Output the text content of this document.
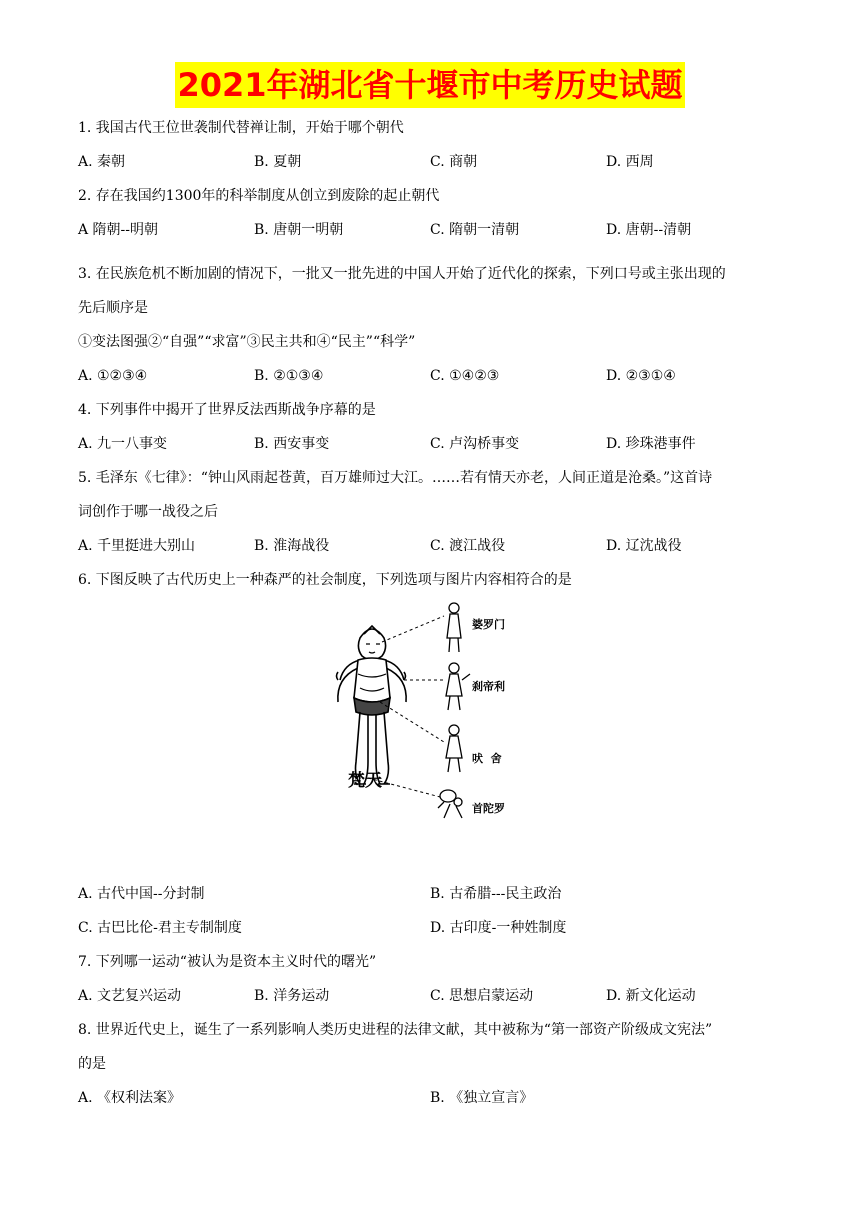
2021年湖北省十堰市中考历史试题
1. 我国古代王位世袭制代替禅让制，开始于哪个朝代
A. 秦朝	B. 夏朝	C. 商朝	D. 西周
2. 存在我国约1300年的科举制度从创立到废除的起止朝代
A 隋朝--明朝	B. 唐朝一明朝	C. 隋朝一清朝	D. 唐朝--清朝
3. 在民族危机不断加剧的情况下，一批又一批先进的中国人开始了近代化的探索，下列口号或主张出现的
先后顺序是
①变法图强②“自强”“求富”③民主共和④“民主”“科学”
A. ①②③④	B. ②①③④	C. ①④②③	D. ②③①④
4. 下列事件中揭开了世界反法西斯战争序幕的是
A. 九一八事变	B. 西安事变	C. 卢沟桥事变	D. 珍珠港事件
5. 毛泽东《七律》：“钟山风雨起苍黄，百万雄师过大江。……若有情天亦老，人间正道是沧桑。”这首诗
词创作于哪一战役之后
A. 千里挺进大别山	B. 淮海战役	C. 渡江战役	D. 辽沈战役
6. 下图反映了古代历史上一种森严的社会制度，下列选项与图片内容相符合的是
梵天
婆罗门
刹帝利
吠  舍
首陀罗
A. 古代中国--分封制	B. 古希腊---民主政治
C. 古巴比伦-君主专制制度	D. 古印度-一种姓制度
7. 下列哪一运动“被认为是资本主义时代的曙光”
A. 文艺复兴运动	B. 洋务运动	C. 思想启蒙运动	D. 新文化运动
8. 世界近代史上，诞生了一系列影响人类历史进程的法律文献，其中被称为“第一部资产阶级成文宪法”
的是
A. 《权利法案》	B. 《独立宣言》
